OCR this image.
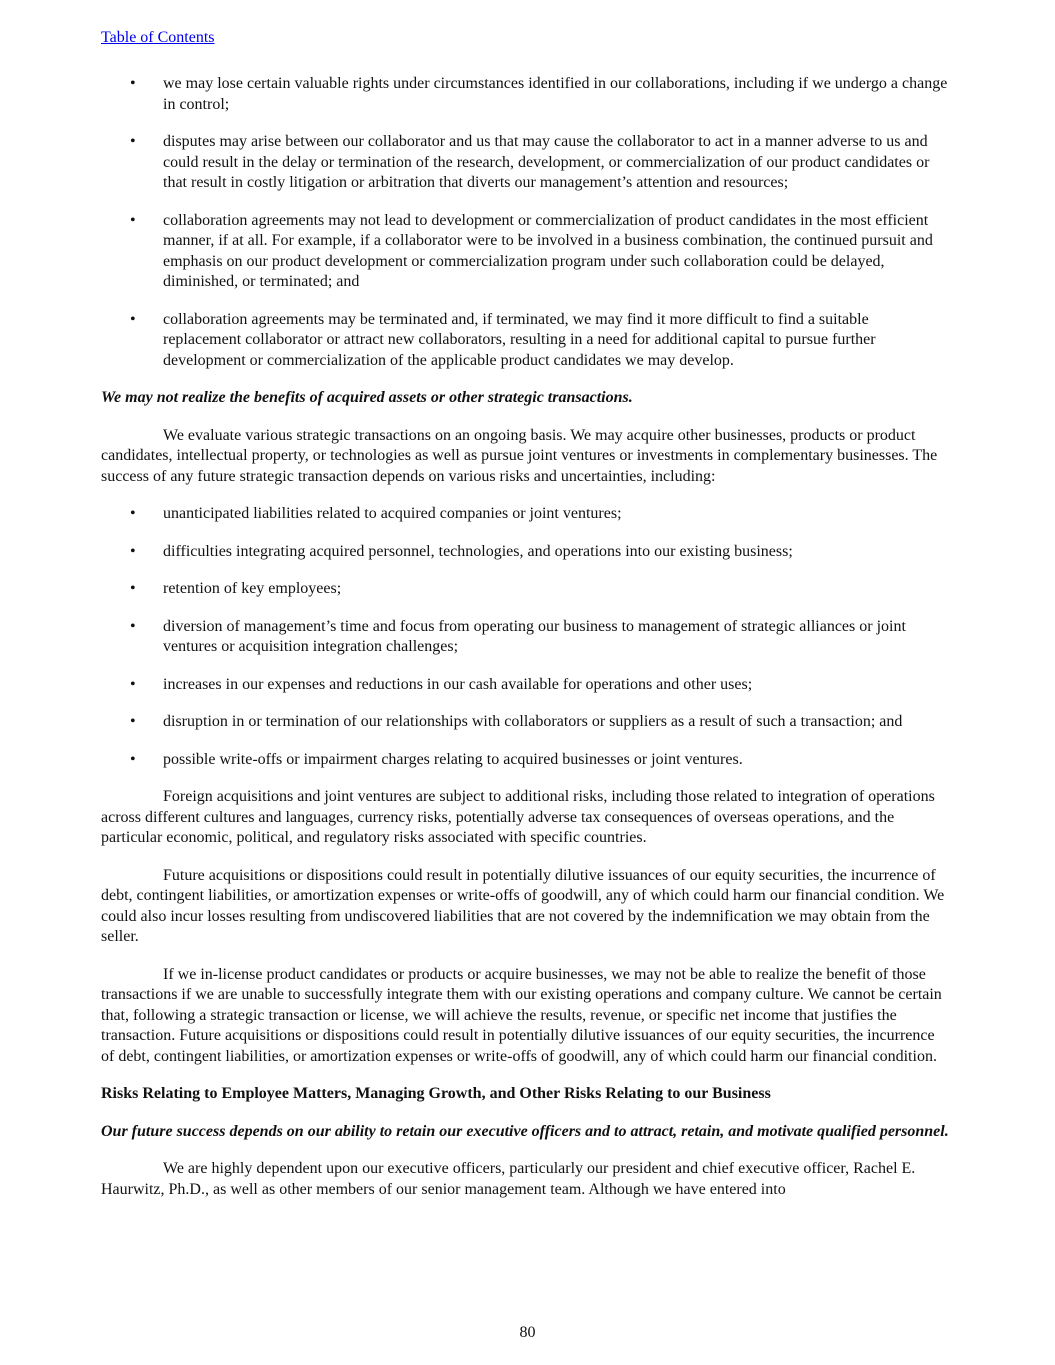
Table of Contents
• we may lose certain valuable rights under circumstances identified in our collaborations, including if we undergo a change in control;
• disputes may arise between our collaborator and us that may cause the collaborator to act in a manner adverse to us and could result in the delay or termination of the research, development, or commercialization of our product candidates or that result in costly litigation or arbitration that diverts our management’s attention and resources;
• collaboration agreements may not lead to development or commercialization of product candidates in the most efficient manner, if at all. For example, if a collaborator were to be involved in a business combination, the continued pursuit and emphasis on our product development or commercialization program under such collaboration could be delayed, diminished, or terminated; and
• collaboration agreements may be terminated and, if terminated, we may find it more difficult to find a suitable replacement collaborator or attract new collaborators, resulting in a need for additional capital to pursue further development or commercialization of the applicable product candidates we may develop.

We may not realize the benefits of acquired assets or other strategic transactions.

We evaluate various strategic transactions on an ongoing basis. We may acquire other businesses, products or product candidates, intellectual property, or technologies as well as pursue joint ventures or investments in complementary businesses. The success of any future strategic transaction depends on various risks and uncertainties, including:

• unanticipated liabilities related to acquired companies or joint ventures;
• difficulties integrating acquired personnel, technologies, and operations into our existing business;
• retention of key employees;
• diversion of management’s time and focus from operating our business to management of strategic alliances or joint ventures or acquisition integration challenges;
• increases in our expenses and reductions in our cash available for operations and other uses;
• disruption in or termination of our relationships with collaborators or suppliers as a result of such a transaction; and
• possible write-offs or impairment charges relating to acquired businesses or joint ventures.

Foreign acquisitions and joint ventures are subject to additional risks, including those related to integration of operations across different cultures and languages, currency risks, potentially adverse tax consequences of overseas operations, and the particular economic, political, and regulatory risks associated with specific countries.

Future acquisitions or dispositions could result in potentially dilutive issuances of our equity securities, the incurrence of debt, contingent liabilities, or amortization expenses or write-offs of goodwill, any of which could harm our financial condition. We could also incur losses resulting from undiscovered liabilities that are not covered by the indemnification we may obtain from the seller.

If we in-license product candidates or products or acquire businesses, we may not be able to realize the benefit of those transactions if we are unable to successfully integrate them with our existing operations and company culture. We cannot be certain that, following a strategic transaction or license, we will achieve the results, revenue, or specific net income that justifies the transaction. Future acquisitions or dispositions could result in potentially dilutive issuances of our equity securities, the incurrence of debt, contingent liabilities, or amortization expenses or write-offs of goodwill, any of which could harm our financial condition.

Risks Relating to Employee Matters, Managing Growth, and Other Risks Relating to our Business

Our future success depends on our ability to retain our executive officers and to attract, retain, and motivate qualified personnel.

We are highly dependent upon our executive officers, particularly our president and chief executive officer, Rachel E. Haurwitz, Ph.D., as well as other members of our senior management team. Although we have entered into

80
